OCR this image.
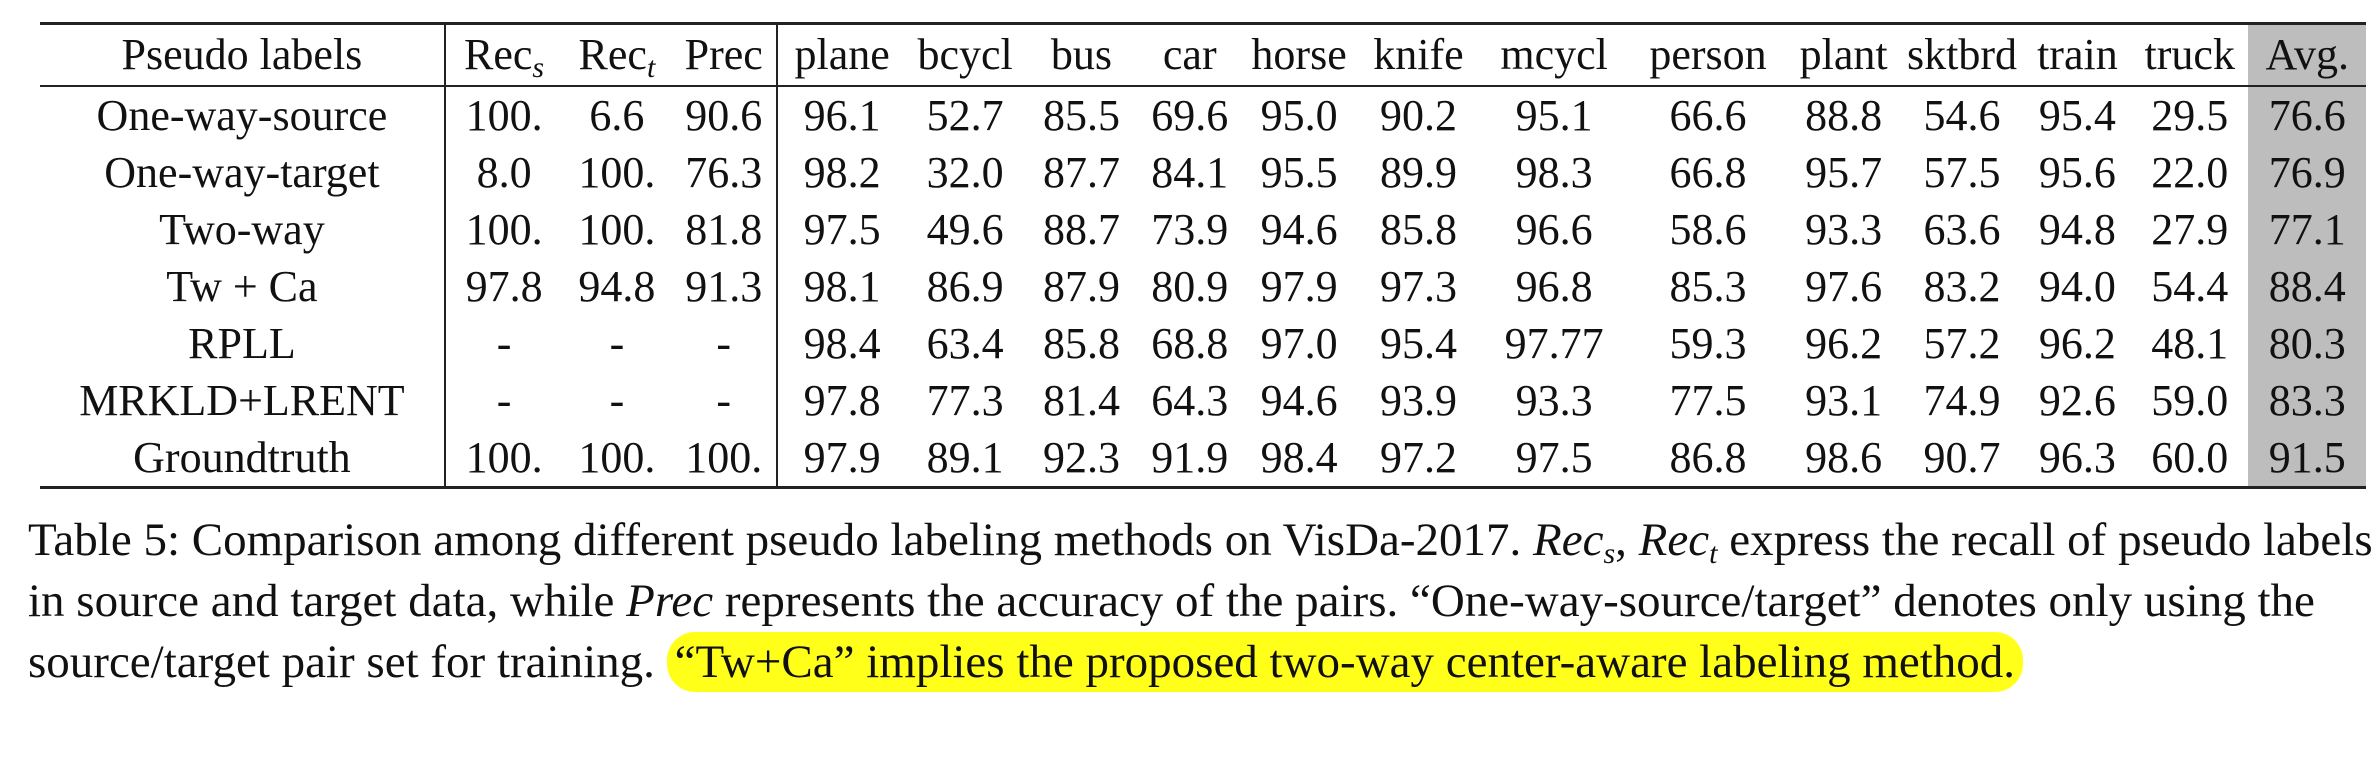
Pseudo labels	Rec$_s$	Rec$_t$	Prec	plane	bcycl	bus	car	horse	knife	mcycl	person	plant	sktbrd	train	truck	Avg.
One-way-source	100.	6.6	90.6	96.1	52.7	85.5	69.6	95.0	90.2	95.1	66.6	88.8	54.6	95.4	29.5	76.6
One-way-target	8.0	100.	76.3	98.2	32.0	87.7	84.1	95.5	89.9	98.3	66.8	95.7	57.5	95.6	22.0	76.9
Two-way	100.	100.	81.8	97.5	49.6	88.7	73.9	94.6	85.8	96.6	58.6	93.3	63.6	94.8	27.9	77.1
Tw + Ca	97.8	94.8	91.3	98.1	86.9	87.9	80.9	97.9	97.3	96.8	85.3	97.6	83.2	94.0	54.4	88.4
RPLL	-	-	-	98.4	63.4	85.8	68.8	97.0	95.4	97.77	59.3	96.2	57.2	96.2	48.1	80.3
MRKLD+LRENT	-	-	-	97.8	77.3	81.4	64.3	94.6	93.9	93.3	77.5	93.1	74.9	92.6	59.0	83.3
Groundtruth	100.	100.	100.	97.9	89.1	92.3	91.9	98.4	97.2	97.5	86.8	98.6	90.7	96.3	60.0	91.5

Table 5: Comparison among different pseudo labeling methods on VisDa-2017. Rec$_s$, Rec$_t$ express the recall of pseudo labels in source and target data, while Prec represents the accuracy of the pairs. “One-way-source/target” denotes only using the source/target pair set for training. “Tw+Ca” implies the proposed two-way center-aware labeling method.
